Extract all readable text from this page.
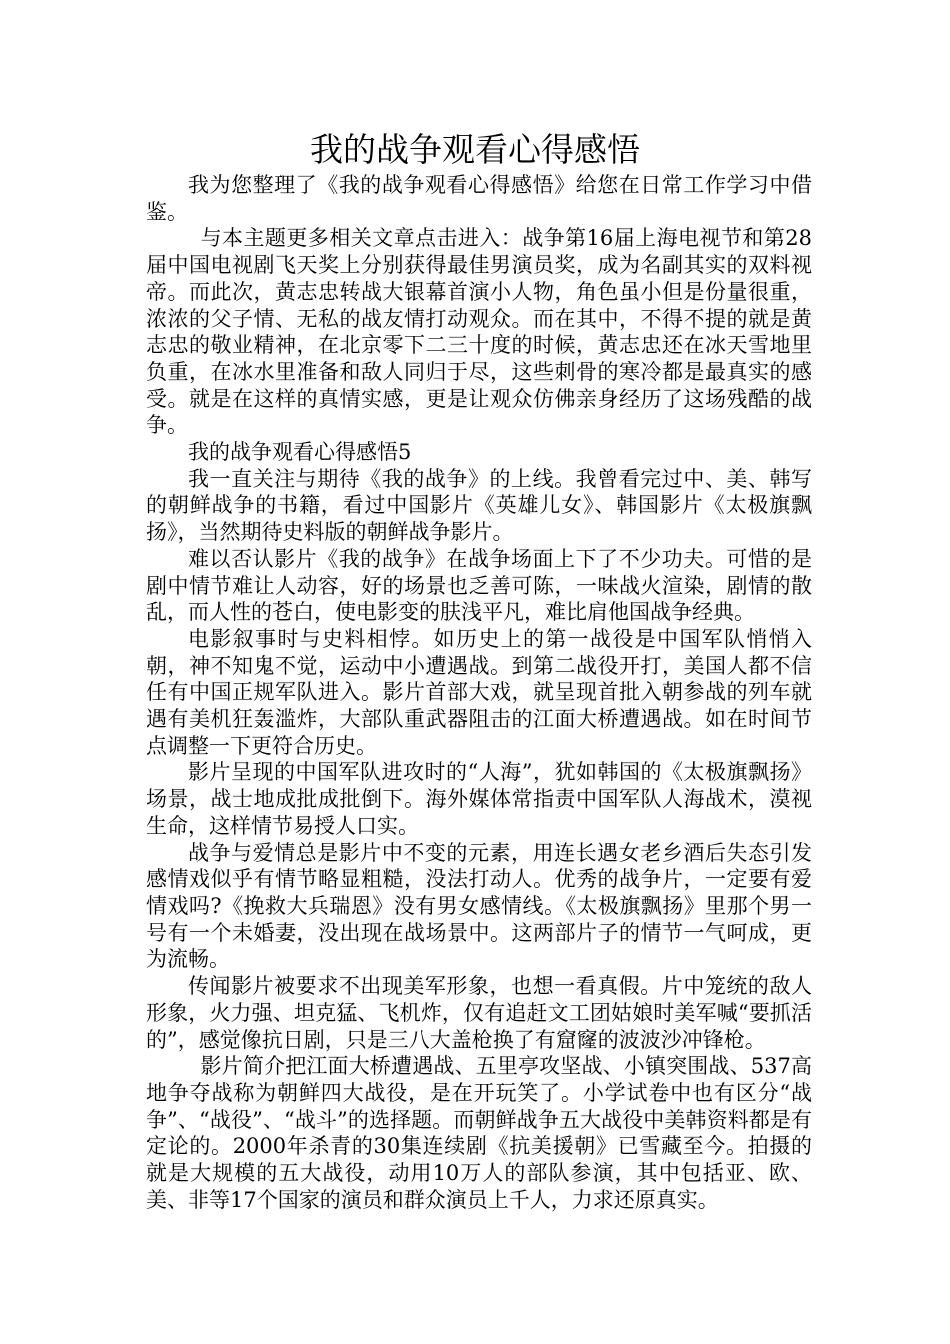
我的战争观看心得感悟

我为您整理了《我的战争观看心得感悟》给您在日常工作学习中借鉴。

与本主题更多相关文章点击进入：战争第16届上海电视节和第28届中国电视剧飞天奖上分别获得最佳男演员奖，成为名副其实的双料视帝。而此次，黄志忠转战大银幕首演小人物，角色虽小但是份量很重，浓浓的父子情、无私的战友情打动观众。而在其中，不得不提的就是黄志忠的敬业精神，在北京零下二三十度的时候，黄志忠还在冰天雪地里负重，在冰水里准备和敌人同归于尽，这些刺骨的寒冷都是最真实的感受。就是在这样的真情实感，更是让观众仿佛亲身经历了这场残酷的战争。

我的战争观看心得感悟5

我一直关注与期待《我的战争》的上线。我曾看完过中、美、韩写的朝鲜战争的书籍，看过中国影片《英雄儿女》、韩国影片《太极旗飘扬》，当然期待史料版的朝鲜战争影片。

难以否认影片《我的战争》在战争场面上下了不少功夫。可惜的是剧中情节难让人动容，好的场景也乏善可陈，一味战火渲染，剧情的散乱，而人性的苍白，使电影变的肤浅平凡，难比肩他国战争经典。

电影叙事时与史料相悖。如历史上的第一战役是中国军队悄悄入朝，神不知鬼不觉，运动中小遭遇战。到第二战役开打，美国人都不信任有中国正规军队进入。影片首部大戏，就呈现首批入朝参战的列车就遇有美机狂轰滥炸，大部队重武器阻击的江面大桥遭遇战。如在时间节点调整一下更符合历史。

影片呈现的中国军队进攻时的“人海”，犹如韩国的《太极旗飘扬》场景，战士地成批成批倒下。海外媒体常指责中国军队人海战术，漠视生命，这样情节易授人口实。

战争与爱情总是影片中不变的元素，用连长遇女老乡酒后失态引发感情戏似乎有情节略显粗糙，没法打动人。优秀的战争片，一定要有爱情戏吗?《挽救大兵瑞恩》没有男女感情线。《太极旗飘扬》里那个男一号有一个未婚妻，没出现在战场景中。这两部片子的情节一气呵成，更为流畅。

传闻影片被要求不出现美军形象，也想一看真假。片中笼统的敌人形象，火力强、坦克猛、飞机炸，仅有追赶文工团姑娘时美军喊“要抓活的”，感觉像抗日剧，只是三八大盖枪换了有窟窿的波波沙冲锋枪。

影片简介把江面大桥遭遇战、五里亭攻坚战、小镇突围战、537高地争夺战称为朝鲜四大战役，是在开玩笑了。小学试卷中也有区分“战争”、“战役”、“战斗”的选择题。而朝鲜战争五大战役中美韩资料都是有定论的。2000年杀青的30集连续剧《抗美援朝》已雪藏至今。拍摄的就是大规模的五大战役，动用10万人的部队参演，其中包括亚、欧、美、非等17个国家的演员和群众演员上千人，力求还原真实。
